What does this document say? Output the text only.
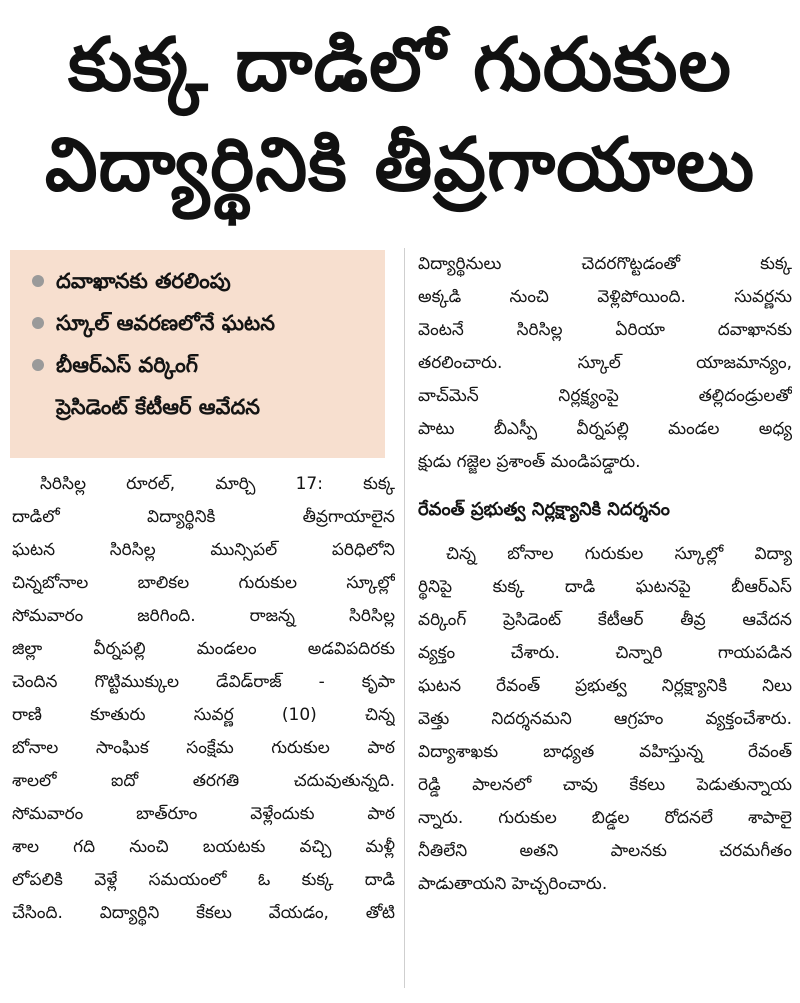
కుక్క దాడిలో గురుకుల
విద్యార్థినికి తీవ్రగాయాలు
దవాఖానకు తరలింపు
స్కూల్ ఆవరణలోనే ఘటన
బీఆర్ఎస్ వర్కింగ్
ప్రెసిడెంట్ కేటీఆర్ ఆవేదన
సిరిసిల్ల రూరల్, మార్చి 17: కుక్క
దాడిలో విద్యార్థినికి తీవ్రగాయాలైన
ఘటన సిరిసిల్ల మున్సిపల్ పరిధిలోని
చిన్నబోనాల బాలికల గురుకుల స్కూల్లో
సోమవారం జరిగింది. రాజన్న సిరిసిల్ల
జిల్లా వీర్నపల్లి మండలం అడవిపదిరకు
చెందిన గొట్టిముక్కుల డేవిడ్‌రాజ్ - కృపా
రాణి కూతురు సువర్ణ (10) చిన్న
బోనాల సాంఘిక సంక్షేమ గురుకుల పాఠ
శాలలో ఐదో తరగతి చదువుతున్నది.
సోమవారం బాత్‌రూం వెళ్లేందుకు పాఠ
శాల గది నుంచి బయటకు వచ్చి మళ్లీ
లోపలికి వెళ్లే సమయంలో ఓ కుక్క దాడి
చేసింది. విద్యార్థిని కేకలు వేయడం, తోటి
విద్యార్థినులు చెదరగొట్టడంతో కుక్క
అక్కడి నుంచి వెళ్లిపోయింది. సువర్ణను
వెంటనే సిరిసిల్ల ఏరియా దవాఖానకు
తరలించారు. స్కూల్ యాజమాన్యం,
వాచ్‌మెన్ నిర్లక్ష్యంపై తల్లిదండ్రులతో
పాటు బీఎస్పీ వీర్నపల్లి మండల అధ్య
క్షుడు గజ్జెల ప్రశాంత్ మండిపడ్డారు.
రేవంత్ ప్రభుత్వ నిర్లక్ష్యానికి నిదర్శనం
చిన్న బోనాల గురుకుల స్కూల్లో విద్యా
ర్థినిపై కుక్క దాడి ఘటనపై బీఆర్ఎస్
వర్కింగ్ ప్రెసిడెంట్ కేటీఆర్ తీవ్ర ఆవేదన
వ్యక్తం చేశారు. చిన్నారి గాయపడిన
ఘటన రేవంత్ ప్రభుత్వ నిర్లక్ష్యానికి నిలు
వెత్తు నిదర్శనమని ఆగ్రహం వ్యక్తంచేశారు.
విద్యాశాఖకు బాధ్యత వహిస్తున్న రేవంత్
రెడ్డి పాలనలో చావు కేకలు పెడుతున్నాయ
న్నారు. గురుకుల బిడ్డల రోదనలే శాపాలై
నీతిలేని అతని పాలనకు చరమగీతం
పాడుతాయని హెచ్చరించారు.
